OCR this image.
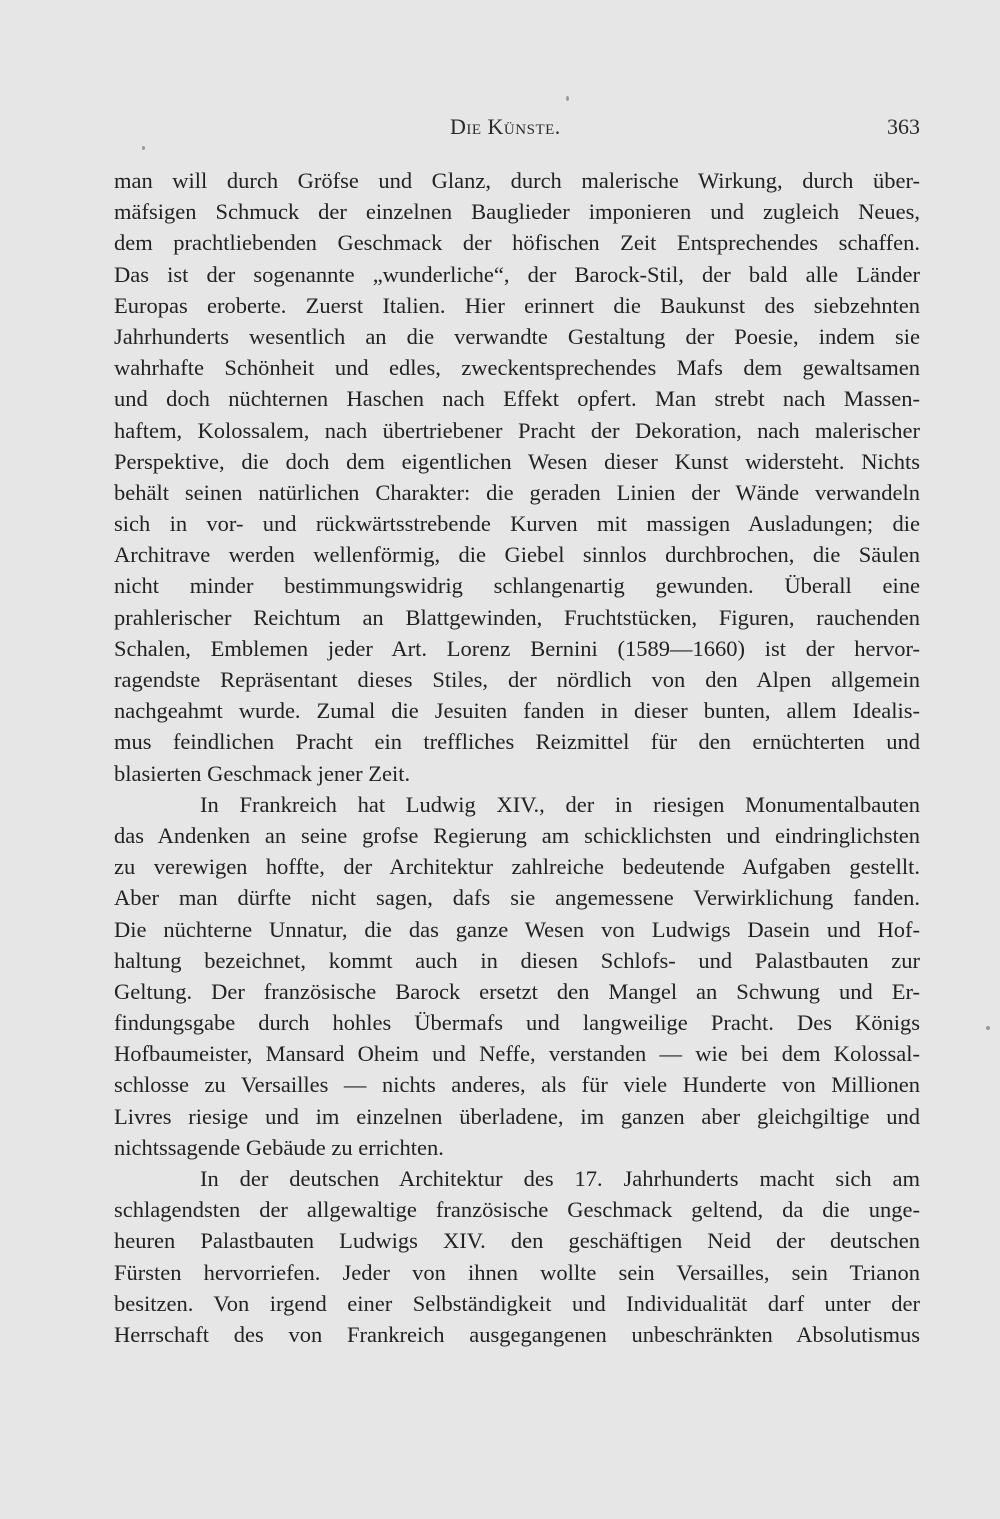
Die Künste.	363
man will durch Gröfse und Glanz, durch malerische Wirkung, durch über-
mäfsigen Schmuck der einzelnen Bauglieder imponieren und zugleich Neues,
dem prachtliebenden Geschmack der höfischen Zeit Entsprechendes schaffen.
Das ist der sogenannte „wunderliche“, der Barock-Stil, der bald alle Länder
Europas eroberte. Zuerst Italien. Hier erinnert die Baukunst des siebzehnten
Jahrhunderts wesentlich an die verwandte Gestaltung der Poesie, indem sie
wahrhafte Schönheit und edles, zweckentsprechendes Mafs dem gewaltsamen
und doch nüchternen Haschen nach Effekt opfert. Man strebt nach Massen-
haftem, Kolossalem, nach übertriebener Pracht der Dekoration, nach malerischer
Perspektive, die doch dem eigentlichen Wesen dieser Kunst widersteht. Nichts
behält seinen natürlichen Charakter: die geraden Linien der Wände verwandeln
sich in vor- und rückwärtsstrebende Kurven mit massigen Ausladungen; die
Architrave werden wellenförmig, die Giebel sinnlos durchbrochen, die Säulen
nicht minder bestimmungswidrig schlangenartig gewunden. Überall eine
prahlerischer Reichtum an Blattgewinden, Fruchtstücken, Figuren, rauchenden
Schalen, Emblemen jeder Art. Lorenz Bernini (1589—1660) ist der hervor-
ragendste Repräsentant dieses Stiles, der nördlich von den Alpen allgemein
nachgeahmt wurde. Zumal die Jesuiten fanden in dieser bunten, allem Idealis-
mus feindlichen Pracht ein treffliches Reizmittel für den ernüchterten und
blasierten Geschmack jener Zeit.
In Frankreich hat Ludwig XIV., der in riesigen Monumentalbauten
das Andenken an seine grofse Regierung am schicklichsten und eindringlichsten
zu verewigen hoffte, der Architektur zahlreiche bedeutende Aufgaben gestellt.
Aber man dürfte nicht sagen, dafs sie angemessene Verwirklichung fanden.
Die nüchterne Unnatur, die das ganze Wesen von Ludwigs Dasein und Hof-
haltung bezeichnet, kommt auch in diesen Schlofs- und Palastbauten zur
Geltung. Der französische Barock ersetzt den Mangel an Schwung und Er-
findungsgabe durch hohles Übermafs und langweilige Pracht. Des Königs
Hofbaumeister, Mansard Oheim und Neffe, verstanden — wie bei dem Kolossal-
schlosse zu Versailles — nichts anderes, als für viele Hunderte von Millionen
Livres riesige und im einzelnen überladene, im ganzen aber gleichgiltige und
nichtssagende Gebäude zu errichten.
In der deutschen Architektur des 17. Jahrhunderts macht sich am
schlagendsten der allgewaltige französische Geschmack geltend, da die unge-
heuren Palastbauten Ludwigs XIV. den geschäftigen Neid der deutschen
Fürsten hervorriefen. Jeder von ihnen wollte sein Versailles, sein Trianon
besitzen. Von irgend einer Selbständigkeit und Individualität darf unter der
Herrschaft des von Frankreich ausgegangenen unbeschränkten Absolutismus
